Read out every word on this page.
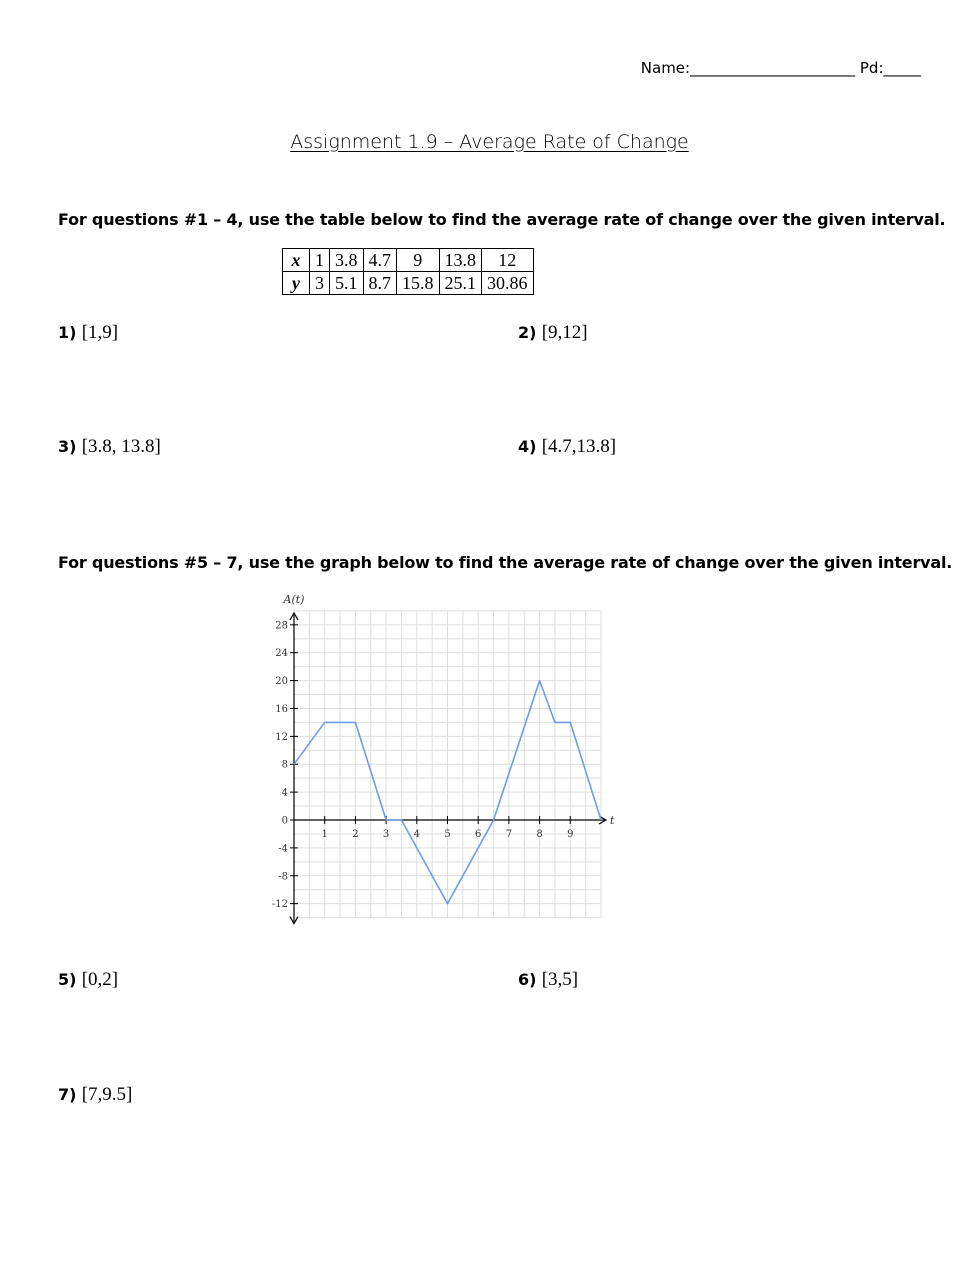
Name:______________________ Pd:_____
Assignment 1.9 – Average Rate of Change
For questions #1 – 4, use the table below to find the average rate of change over the given interval.
x	1	3.8	4.7	9	13.8	12
y	3	5.1	8.7	15.8	25.1	30.86
1) [1,9]	2) [9,12]
3) [3.8, 13.8]	4) [4.7,13.8]
For questions #5 – 7, use the graph below to find the average rate of change over the given interval.
1 2 3 4 5 6 7 8 9
28
24
20
16
12
8
4
0
-4
-8
-12
A(t)
t
5) [0,2]	6) [3,5]
7) [7,9.5]
